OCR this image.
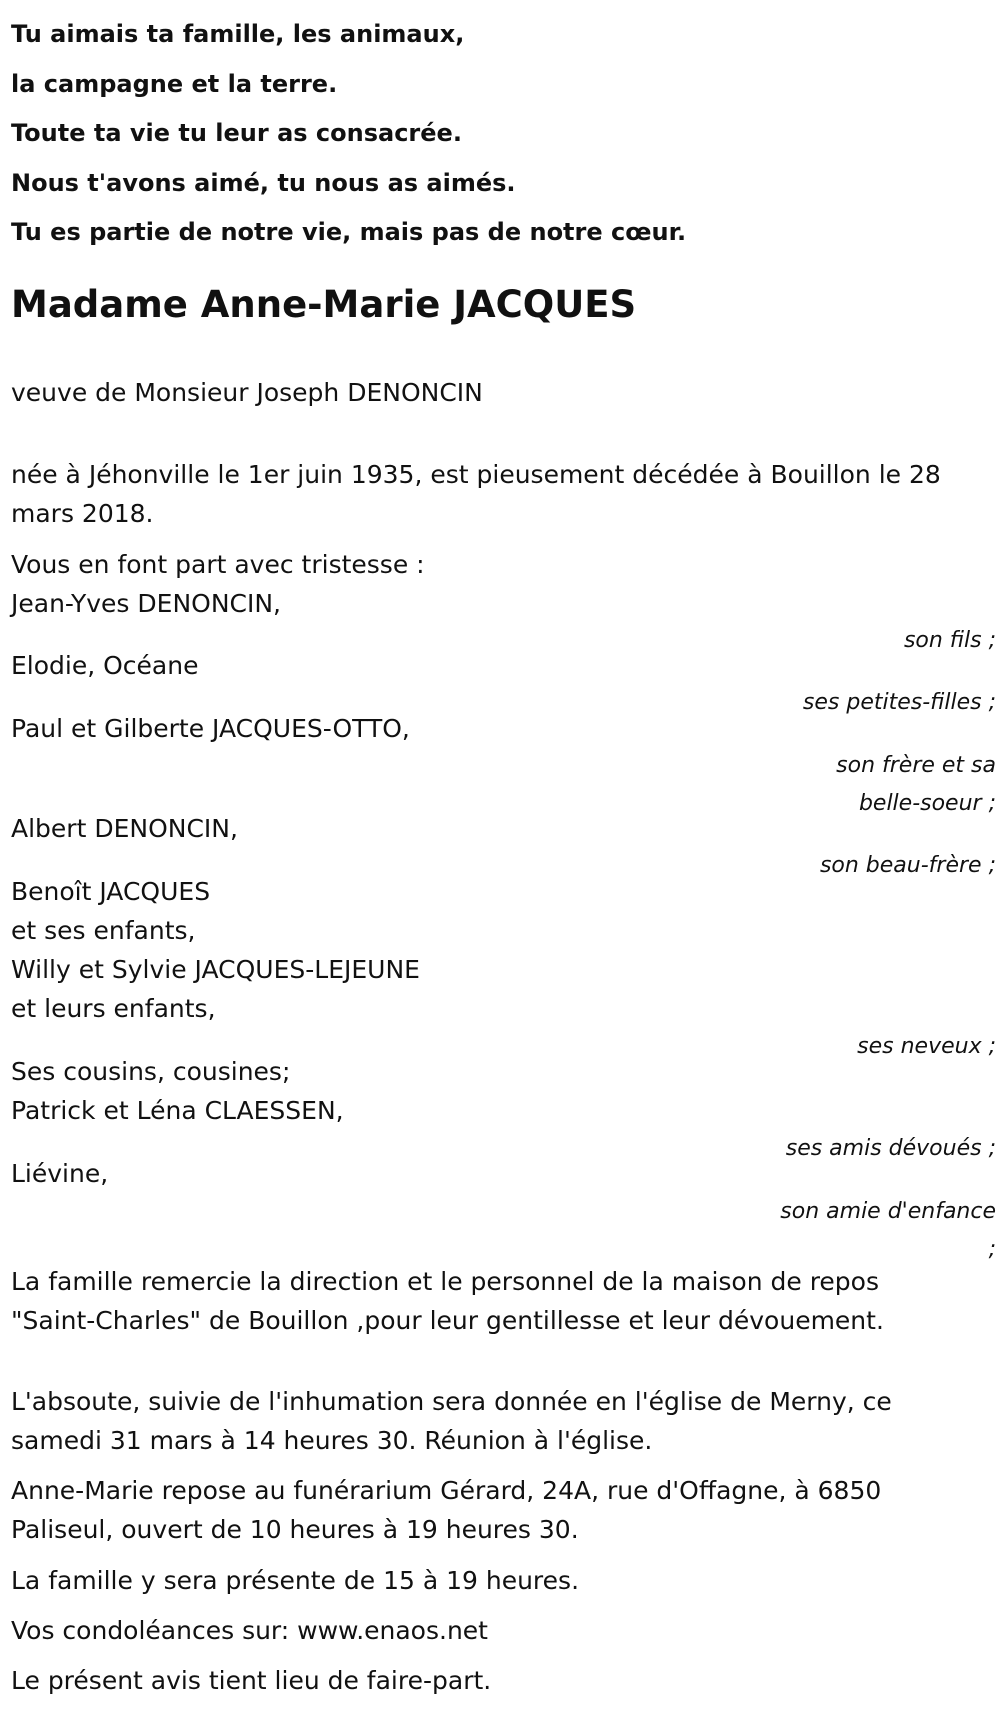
Tu aimais ta famille, les animaux,
la campagne et la terre.
Toute ta vie tu leur as consacrée.
Nous t'avons aimé, tu nous as aimés.
Tu es partie de notre vie, mais pas de notre cœur.
Madame Anne-Marie JACQUES
veuve de Monsieur Joseph DENONCIN
née à Jéhonville le 1er juin 1935, est pieusement décédée à Bouillon le 28
mars 2018.
Vous en font part avec tristesse :
Jean-Yves DENONCIN,
son fils ;
Elodie, Océane
ses petites-filles ;
Paul et Gilberte JACQUES-OTTO,
son frère et sa
belle-soeur ;
Albert DENONCIN,
son beau-frère ;
Benoît JACQUES
et ses enfants,
Willy et Sylvie JACQUES-LEJEUNE
et leurs enfants,
ses neveux ;
Ses cousins, cousines;
Patrick et Léna CLAESSEN,
ses amis dévoués ;
Liévine,
son amie d'enfance
;
La famille remercie la direction et le personnel de la maison de repos
"Saint-Charles" de Bouillon ,pour leur gentillesse et leur dévouement.
L'absoute, suivie de l'inhumation sera donnée en l'église de Merny, ce
samedi 31 mars à 14 heures 30. Réunion à l'église.
Anne-Marie repose au funérarium Gérard, 24A, rue d'Offagne, à 6850
Paliseul, ouvert de 10 heures à 19 heures 30.
La famille y sera présente de 15 à 19 heures.
Vos condoléances sur: www.enaos.net
Le présent avis tient lieu de faire-part.
